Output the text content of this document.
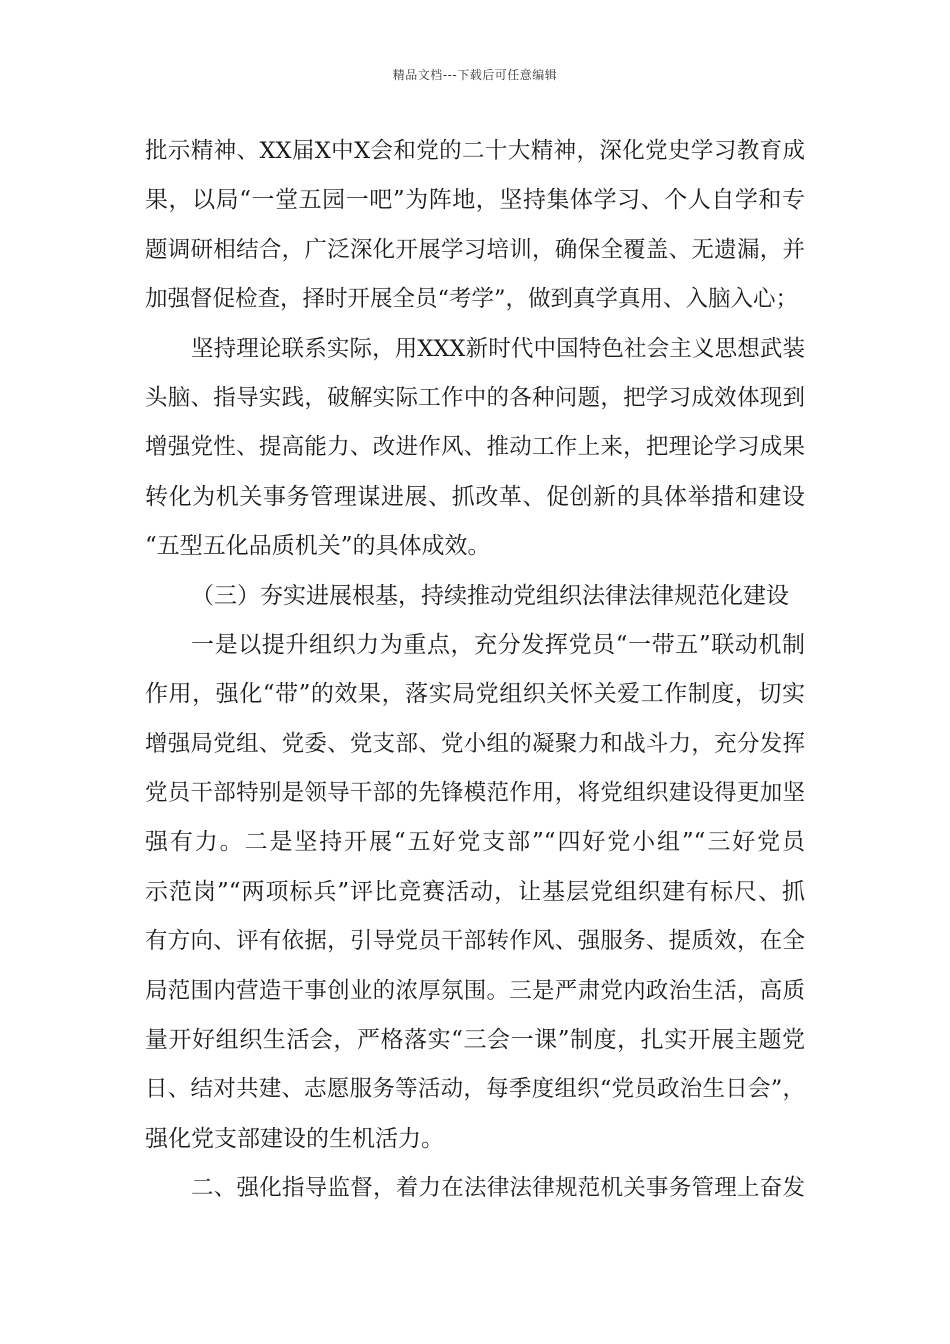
精品文档---下载后可任意编辑
批示精神、XX届X中X会和党的二十大精神，深化党史学习教育成
果，以局“一堂五园一吧”为阵地，坚持集体学习、个人自学和专
题调研相结合，广泛深化开展学习培训，确保全覆盖、无遗漏，并
加强督促检查，择时开展全员“考学”，做到真学真用、入脑入心；
坚持理论联系实际，用XXX新时代中国特色社会主义思想武装
头脑、指导实践，破解实际工作中的各种问题，把学习成效体现到
增强党性、提高能力、改进作风、推动工作上来，把理论学习成果
转化为机关事务管理谋进展、抓改革、促创新的具体举措和建设
“五型五化品质机关”的具体成效。
（三）夯实进展根基，持续推动党组织法律法律规范化建设
一是以提升组织力为重点，充分发挥党员“一带五”联动机制
作用，强化“带”的效果，落实局党组织关怀关爱工作制度，切实
增强局党组、党委、党支部、党小组的凝聚力和战斗力，充分发挥
党员干部特别是领导干部的先锋模范作用，将党组织建设得更加坚
强有力。二是坚持开展“五好党支部”“四好党小组”“三好党员
示范岗”“两项标兵”评比竞赛活动，让基层党组织建有标尺、抓
有方向、评有依据，引导党员干部转作风、强服务、提质效，在全
局范围内营造干事创业的浓厚氛围。三是严肃党内政治生活，高质
量开好组织生活会，严格落实“三会一课”制度，扎实开展主题党
日、结对共建、志愿服务等活动，每季度组织“党员政治生日会”，
强化党支部建设的生机活力。
二、强化指导监督，着力在法律法律规范机关事务管理上奋发
